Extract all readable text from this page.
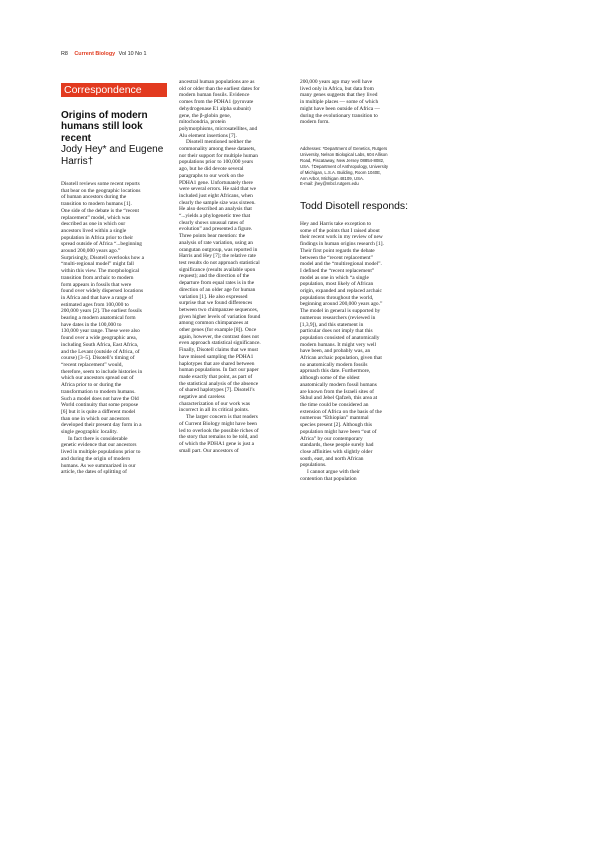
R8 Current Biology Vol 10 No 1
Correspondence
Origins of modern humans still look recent
Jody Hey* and Eugene Harris†

Disotell reviews some recent reports
that bear on the geographic locations
of human ancestors during the
transition to modern humans [1].
One side of the debate is the “recent
replacement” model, which was
described as one in which our
ancestors lived within a single
population in Africa prior to their
spread outside of Africa “...beginning
around 200,000 years ago.”
Surprisingly, Disotell overlooks how a
“multi-regional model” might fall
within this view. The morphological
transition from archaic to modern
form appears in fossils that were
found over widely dispersed locations
in Africa and that have a range of
estimated ages from 100,000 to
200,000 years [2]. The earliest fossils
bearing a modern anatomical form
have dates in the 100,000 to
130,000 year range. These were also
found over a wide geographic area,
including South Africa, East Africa,
and the Levant (outside of Africa, of
course) [3–5]. Disotell’s timing of
“recent replacement” would,
therefore, seem to include histories in
which our ancestors spread out of
Africa prior to or during the
transformation to modern humans.
Such a model does not have the Old
World continuity that some propose
[6] but it is quite a different model
than one in which our ancestors
developed their present day form in a
single geographic locality.

In fact there is considerable
genetic evidence that our ancestors
lived in multiple populations prior to
and during the origin of modern
humans. As we summarized in our
article, the dates of splitting of

ancestral human populations are as
old or older than the earliest dates for
modern human fossils. Evidence
comes from the PDHA1 (pyruvate
dehydrogenase E1 alpha subunit)
gene, the β-globin gene,
mitochondria, protein
polymorphisms, microsatellites, and
Alu element insertions [7].

Disotell mentioned neither the
commonality among these datasets,
nor their support for multiple human
populations prior to 100,000 years
ago, but he did devote several
paragraphs to our work on the
PDHA1 gene. Unfortunately there
were several errors. He said that we
included just eight Africans, when
clearly the sample size was sixteen.
He also described an analysis that
“...yields a phylogenetic tree that
clearly shows unusual rates of
evolution” and presented a figure.
Three points bear mention: the
analysis of rate variation, using an
orangutan outgroup, was reported in
Harris and Hey [7]; the relative rate
test results do not approach statistical
significance (results available upon
request); and the direction of the
departure from equal rates is in the
direction of an older age for human
variation [1]. He also expressed
surprise that we found differences
between two chimpanzee sequences,
given higher levels of variation found
among common chimpanzees at
other genes (for example [8]). Once
again, however, the contrast does not
even approach statistical significance.
Finally, Disotell claims that we must
have missed sampling the PDHA1
haplotypes that are shared between
human populations. In fact our paper
made exactly that point, as part of
the statistical analysis of the absence
of shared haplotypes [7]. Disotell’s
negative and careless
characterization of our work was
incorrect in all its critical points.

The larger concern is that readers
of Current Biology might have been
led to overlook the possible riches of
the story that remains to be told, and
of which the PDHA1 gene is just a
small part. Our ancestors of

200,000 years ago may well have
lived only in Africa, but data from
many genes suggests that they lived
in multiple places — some of which
might have been outside of Africa —
during the evolutionary transition to
modern form.

Addresses: *Department of Genetics, Rutgers
University, Nelson Biological Labs, 604 Allison
Road, Piscataway, New Jersey 08854-8082,
USA. †Department of Anthropology, University
of Michigan, L.S.A. Building, Room 1040E,
Ann Arbor, Michigan 48109, USA.
E-mail: jhey@mbcl.rutgers.edu
Todd Disotell responds:

Hey and Harris take exception to
some of the points that I raised about
their recent work in my review of new
findings in human origins research [1].
Their first point regards the debate
between the “recent replacement”
model and the “multiregional model”.
I defined the “recent replacement”
model as one in which “a single
population, most likely of African
origin, expanded and replaced archaic
populations throughout the world,
beginning around 200,000 years ago.”
The model in general is supported by
numerous researchers (reviewed in
[1,3,9]), and this statement in
particular does not imply that this
population consisted of anatomically
modern humans. It might very well
have been, and probably was, an
African archaic population, given that
no anatomically modern fossils
approach this date. Furthermore,
although some of the oldest
anatomically modern fossil humans
are known from the Israeli sites of
Skhul and Jebel Qafzeh, this area at
the time could be considered an
extension of Africa on the basis of the
numerous “Ethiopian” mammal
species present [2]. Although this
population might have been “out of
Africa” by our contemporary
standards, these people surely had
close affinities with slightly older
south, east, and north African
populations.

I cannot argue with their
contention that population
